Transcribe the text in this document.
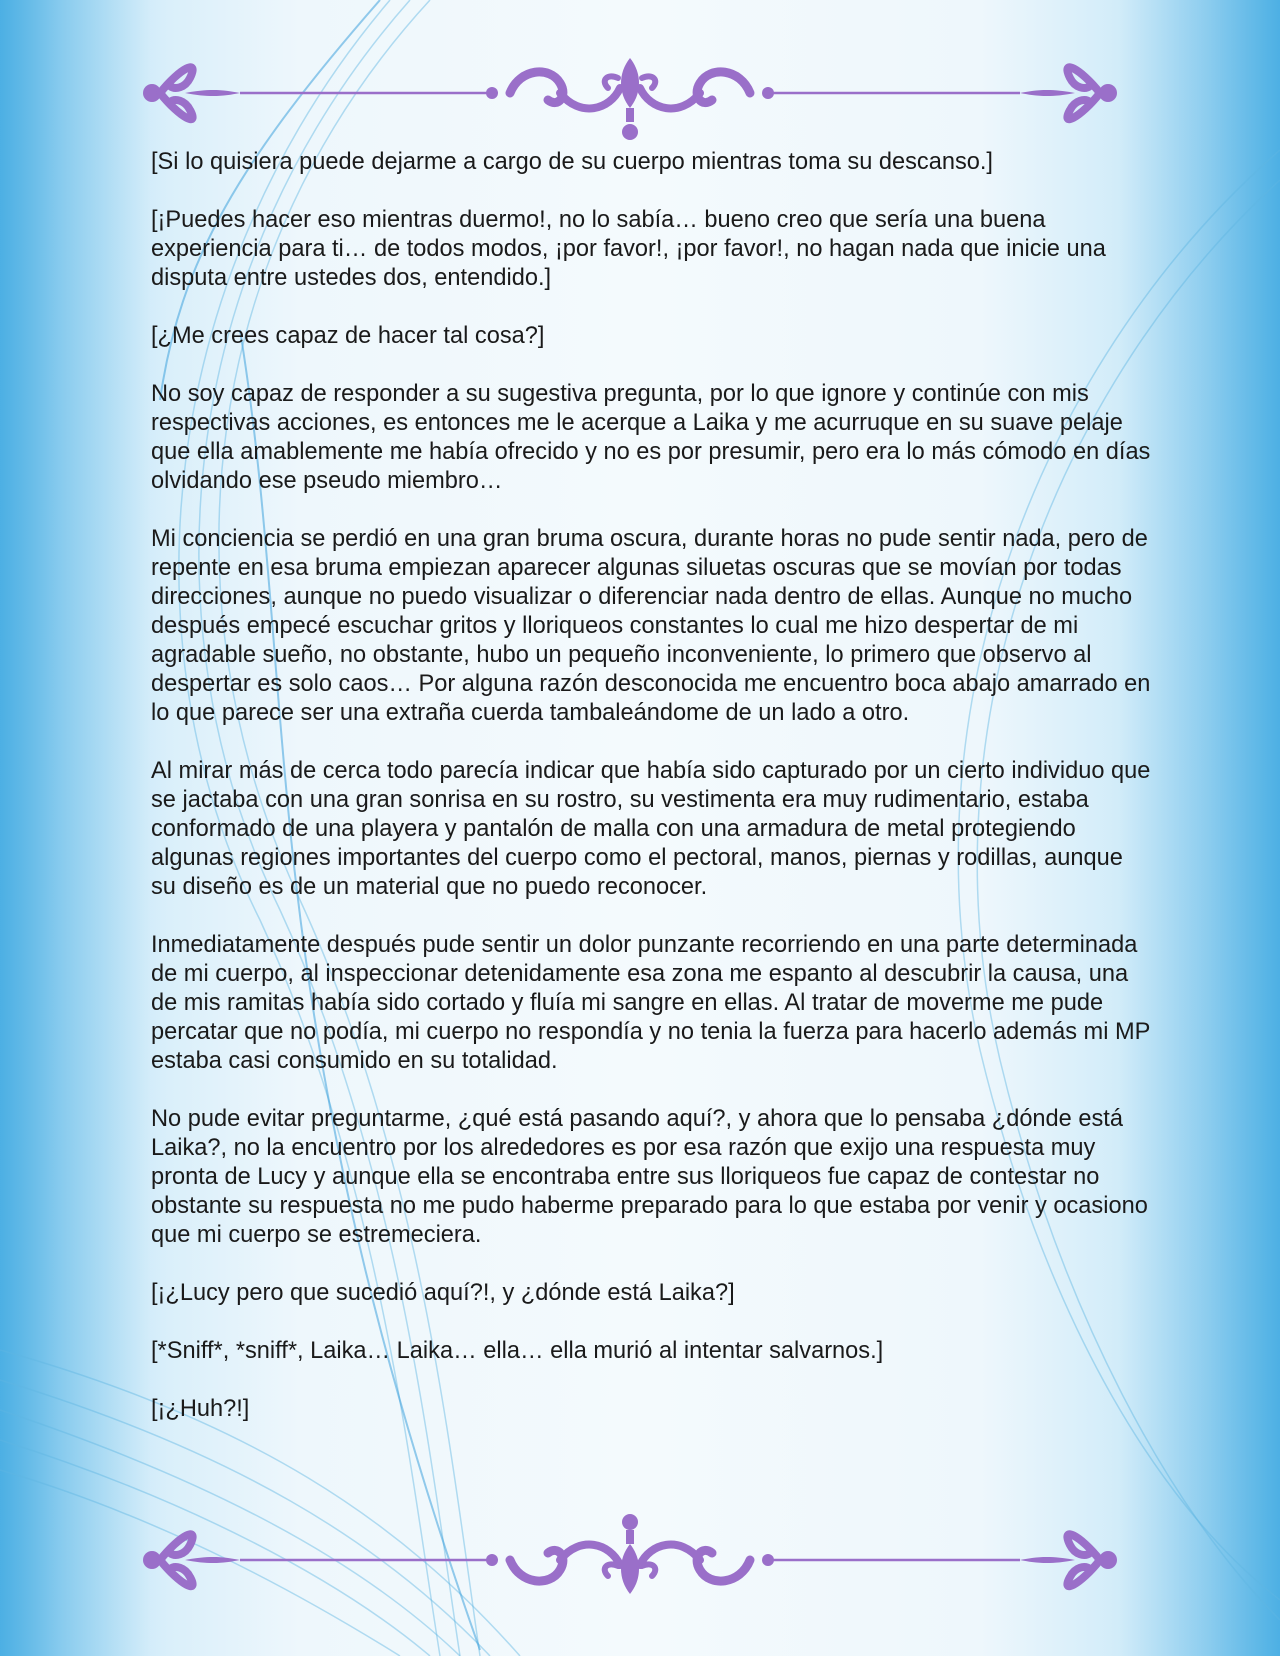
[Si lo quisiera puede dejarme a cargo de su cuerpo mientras toma su descanso.]

[¡Puedes hacer eso mientras duermo!, no lo sabía… bueno creo que sería una buena experiencia para ti… de todos modos, ¡por favor!, ¡por favor!, no hagan nada que inicie una disputa entre ustedes dos, entendido.]

[¿Me crees capaz de hacer tal cosa?]

No soy capaz de responder a su sugestiva pregunta, por lo que ignore y continúe con mis respectivas acciones, es entonces me le acerque a Laika y me acurruque en su suave pelaje que ella amablemente me había ofrecido y no es por presumir, pero era lo más cómodo en días olvidando ese pseudo miembro…

Mi conciencia se perdió en una gran bruma oscura, durante horas no pude sentir nada, pero de repente en esa bruma empiezan aparecer algunas siluetas oscuras que se movían por todas direcciones, aunque no puedo visualizar o diferenciar nada dentro de ellas. Aunque no mucho después empecé escuchar gritos y lloriqueos constantes lo cual me hizo despertar de mi agradable sueño, no obstante, hubo un pequeño inconveniente, lo primero que observo al despertar es solo caos… Por alguna razón desconocida me encuentro boca abajo amarrado en lo que parece ser una extraña cuerda tambaleándome de un lado a otro.

Al mirar más de cerca todo parecía indicar que había sido capturado por un cierto individuo que se jactaba con una gran sonrisa en su rostro, su vestimenta era muy rudimentario, estaba conformado de una playera y pantalón de malla con una armadura de metal protegiendo algunas regiones importantes del cuerpo como el pectoral, manos, piernas y rodillas, aunque su diseño es de un material que no puedo reconocer.

Inmediatamente después pude sentir un dolor punzante recorriendo en una parte determinada de mi cuerpo, al inspeccionar detenidamente esa zona me espanto al descubrir la causa, una de mis ramitas había sido cortado y fluía mi sangre en ellas. Al tratar de moverme me pude percatar que no podía, mi cuerpo no respondía y no tenia la fuerza para hacerlo además mi MP estaba casi consumido en su totalidad.

No pude evitar preguntarme, ¿qué está pasando aquí?, y ahora que lo pensaba ¿dónde está Laika?, no la encuentro por los alrededores es por esa razón que exijo una respuesta muy pronta de Lucy y aunque ella se encontraba entre sus lloriqueos fue capaz de contestar no obstante su respuesta no me pudo haberme preparado para lo que estaba por venir y ocasiono que mi cuerpo se estremeciera.

[¡¿Lucy pero que sucedió aquí?!, y ¿dónde está Laika?]

[*Sniff*, *sniff*, Laika… Laika… ella… ella murió al intentar salvarnos.]

[¡¿Huh?!]
